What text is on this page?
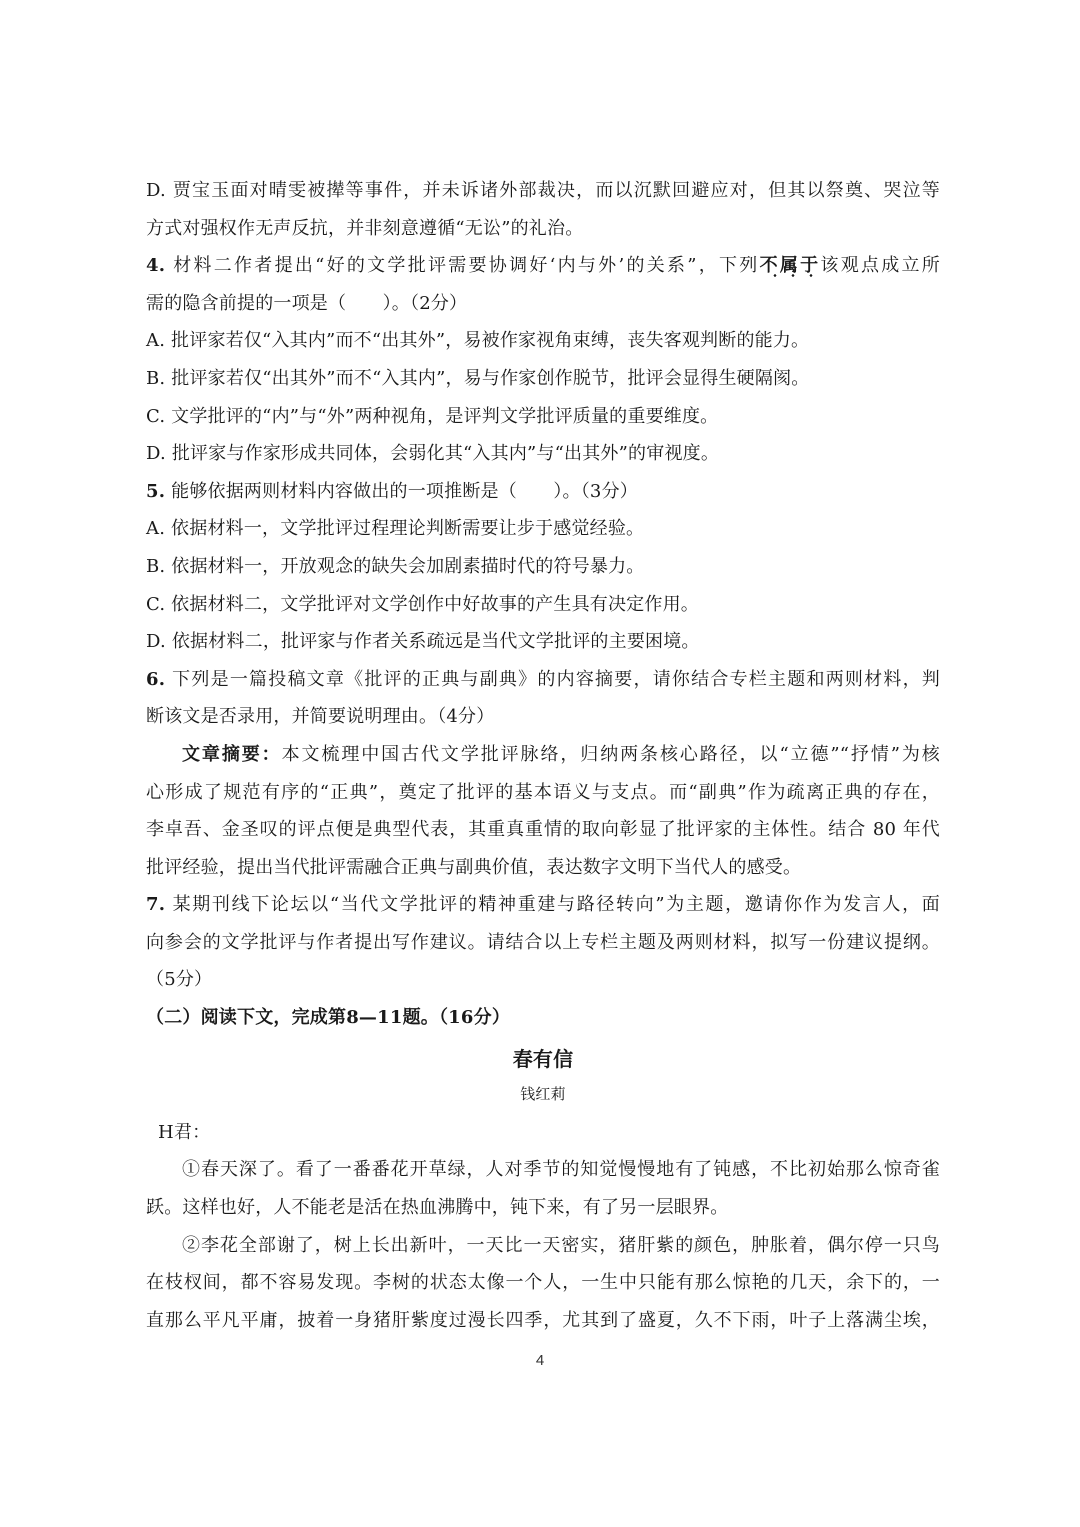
D. 贾宝玉面对晴雯被撵等事件，并未诉诸外部裁决，而以沉默回避应对，但其以祭奠、哭泣等
方式对强权作无声反抗，并非刻意遵循“无讼”的礼治。
4. 材料二作者提出“好的文学批评需要协调好‘内与外’的关系”，下列不属于该观点成立所
需的隐含前提的一项是（　　）。（2分）
A. 批评家若仅“入其内”而不“出其外”，易被作家视角束缚，丧失客观判断的能力。
B. 批评家若仅“出其外”而不“入其内”，易与作家创作脱节，批评会显得生硬隔阂。
C. 文学批评的“内”与“外”两种视角，是评判文学批评质量的重要维度。
D. 批评家与作家形成共同体，会弱化其“入其内”与“出其外”的审视度。
5. 能够依据两则材料内容做出的一项推断是（　　）。（3分）
A. 依据材料一，文学批评过程理论判断需要让步于感觉经验。
B. 依据材料一，开放观念的缺失会加剧素描时代的符号暴力。
C. 依据材料二，文学批评对文学创作中好故事的产生具有决定作用。
D. 依据材料二，批评家与作者关系疏远是当代文学批评的主要困境。
6. 下列是一篇投稿文章《批评的正典与副典》的内容摘要，请你结合专栏主题和两则材料，判
断该文是否录用，并简要说明理由。（4分）
文章摘要：本文梳理中国古代文学批评脉络，归纳两条核心路径，以“立德”“抒情”为核
心形成了规范有序的“正典”，奠定了批评的基本语义与支点。而“副典”作为疏离正典的存在，
李卓吾、金圣叹的评点便是典型代表，其重真重情的取向彰显了批评家的主体性。结合 80 年代
批评经验，提出当代批评需融合正典与副典价值，表达数字文明下当代人的感受。
7. 某期刊线下论坛以“当代文学批评的精神重建与路径转向”为主题，邀请你作为发言人，面
向参会的文学批评与作者提出写作建议。请结合以上专栏主题及两则材料，拟写一份建议提纲。
（5分）
（二）阅读下文，完成第8—11题。（16分）
春有信
钱红莉
H君：
①春天深了。看了一番番花开草绿，人对季节的知觉慢慢地有了钝感，不比初始那么惊奇雀
跃。这样也好，人不能老是活在热血沸腾中，钝下来，有了另一层眼界。
②李花全部谢了，树上长出新叶，一天比一天密实，猪肝紫的颜色，肿胀着，偶尔停一只鸟
在枝杈间，都不容易发现。李树的状态太像一个人，一生中只能有那么惊艳的几天，余下的，一
直那么平凡平庸，披着一身猪肝紫度过漫长四季，尤其到了盛夏，久不下雨，叶子上落满尘埃，
4
